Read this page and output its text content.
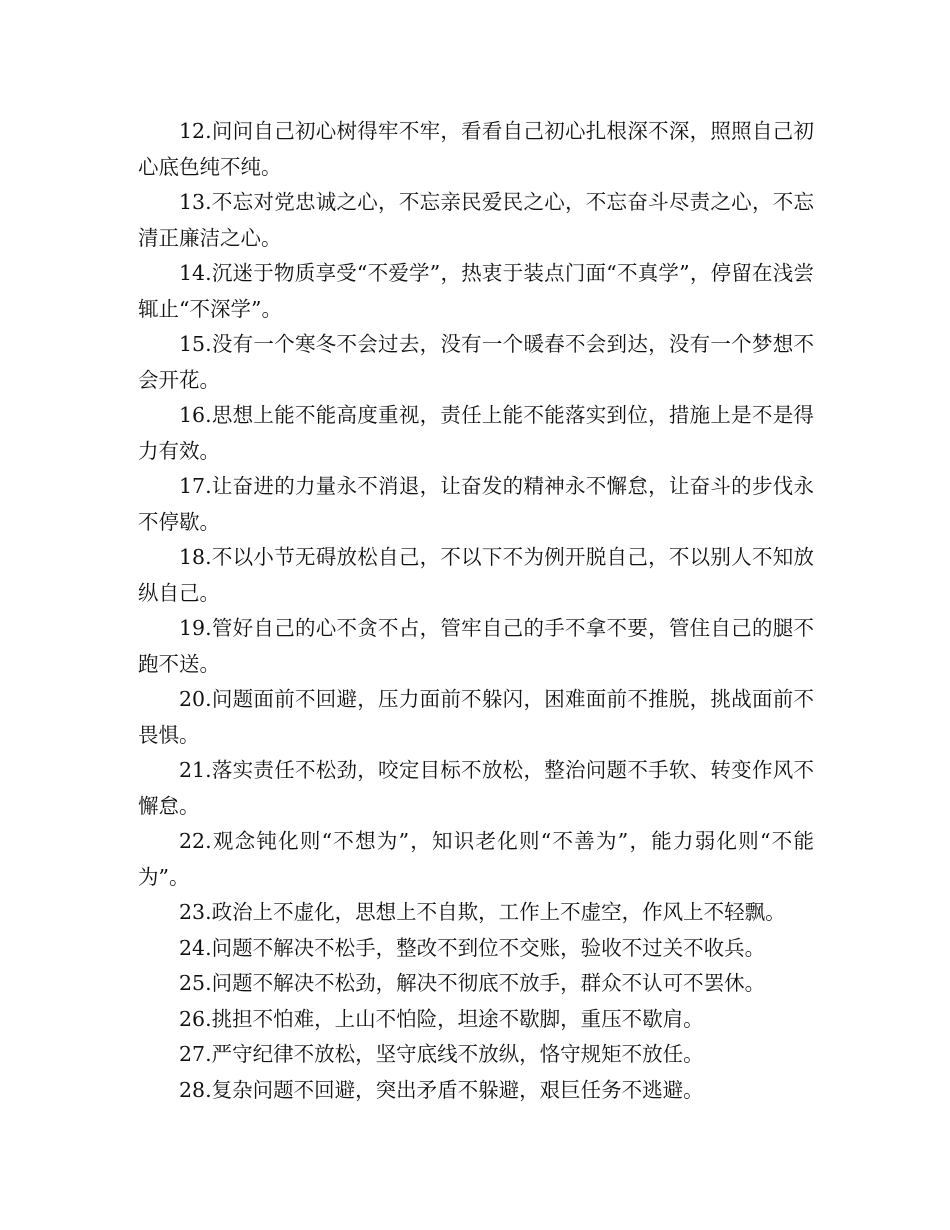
12.问问自己初心树得牢不牢，看看自己初心扎根深不深，照照自己初心底色纯不纯。

13.不忘对党忠诚之心，不忘亲民爱民之心，不忘奋斗尽责之心，不忘清正廉洁之心。

14.沉迷于物质享受“不爱学”，热衷于装点门面“不真学”，停留在浅尝辄止“不深学”。

15.没有一个寒冬不会过去，没有一个暖春不会到达，没有一个梦想不会开花。

16.思想上能不能高度重视，责任上能不能落实到位，措施上是不是得力有效。

17.让奋进的力量永不消退，让奋发的精神永不懈怠，让奋斗的步伐永不停歇。

18.不以小节无碍放松自己，不以下不为例开脱自己，不以别人不知放纵自己。

19.管好自己的心不贪不占，管牢自己的手不拿不要，管住自己的腿不跑不送。

20.问题面前不回避，压力面前不躲闪，困难面前不推脱，挑战面前不畏惧。

21.落实责任不松劲，咬定目标不放松，整治问题不手软、转变作风不懈怠。

22.观念钝化则“不想为”，知识老化则“不善为”，能力弱化则“不能为”。

23.政治上不虚化，思想上不自欺，工作上不虚空，作风上不轻飘。

24.问题不解决不松手，整改不到位不交账，验收不过关不收兵。

25.问题不解决不松劲，解决不彻底不放手，群众不认可不罢休。

26.挑担不怕难，上山不怕险，坦途不歇脚，重压不歇肩。

27.严守纪律不放松，坚守底线不放纵，恪守规矩不放任。

28.复杂问题不回避，突出矛盾不躲避，艰巨任务不逃避。
